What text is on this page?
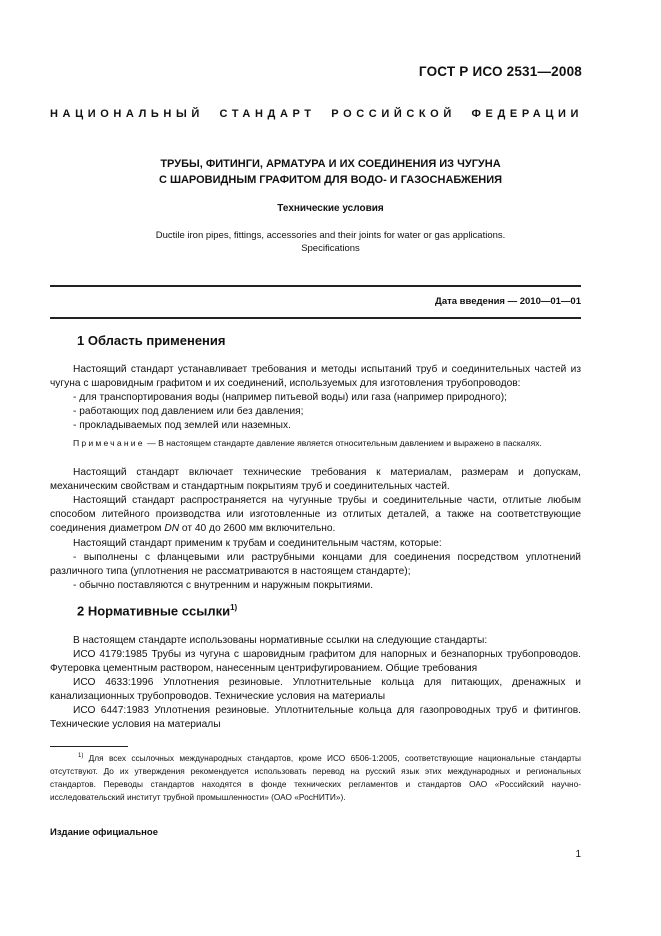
ГОСТ Р ИСО 2531—2008
НАЦИОНАЛЬНЫЙ СТАНДАРТ РОССИЙСКОЙ ФЕДЕРАЦИИ
ТРУБЫ, ФИТИНГИ, АРМАТУРА И ИХ СОЕДИНЕНИЯ ИЗ ЧУГУНА
С ШАРОВИДНЫМ ГРАФИТОМ ДЛЯ ВОДО- И ГАЗОСНАБЖЕНИЯ
Технические условия
Ductile iron pipes, fittings, accessories and their joints for water or gas applications.
Specifications
Дата введения — 2010—01—01
1 Область применения
Настоящий стандарт устанавливает требования и методы испытаний труб и соединительных частей из чугуна с шаровидным графитом и их соединений, используемых для изготовления трубопроводов:
- для транспортирования воды (например питьевой воды) или газа (например природного);
- работающих под давлением или без давления;
- прокладываемых под землей или наземных.
Примечание — В настоящем стандарте давление является относительным давлением и выражено в паскалях.
Настоящий стандарт включает технические требования к материалам, размерам и допускам, механическим свойствам и стандартным покрытиям труб и соединительных частей.
Настоящий стандарт распространяется на чугунные трубы и соединительные части, отлитые любым способом литейного производства или изготовленные из отлитых деталей, а также на соответствующие соединения диаметром DN от 40 до 2600 мм включительно.
Настоящий стандарт применим к трубам и соединительным частям, которые:
- выполнены с фланцевыми или раструбными концами для соединения посредством уплотнений различного типа (уплотнения не рассматриваются в настоящем стандарте);
- обычно поставляются с внутренним и наружным покрытиями.
2 Нормативные ссылки$^{1)}$
В настоящем стандарте использованы нормативные ссылки на следующие стандарты:
ИСО 4179:1985 Трубы из чугуна с шаровидным графитом для напорных и безнапорных трубопроводов. Футеровка цементным раствором, нанесенным центрифугированием. Общие требования
ИСО 4633:1996 Уплотнения резиновые. Уплотнительные кольца для питающих, дренажных и канализационных трубопроводов. Технические условия на материалы
ИСО 6447:1983 Уплотнения резиновые. Уплотнительные кольца для газопроводных труб и фитингов. Технические условия на материалы
$^{1)}$ Для всех ссылочных международных стандартов, кроме ИСО 6506-1:2005, соответствующие национальные стандарты отсутствуют. До их утверждения рекомендуется использовать перевод на русский язык этих международных и региональных стандартов. Переводы стандартов находятся в фонде технических регламентов и стандартов ОАО «Российский научно-исследовательский институт трубной промышленности» (ОАО «РосНИТИ»).
Издание официальное
1
